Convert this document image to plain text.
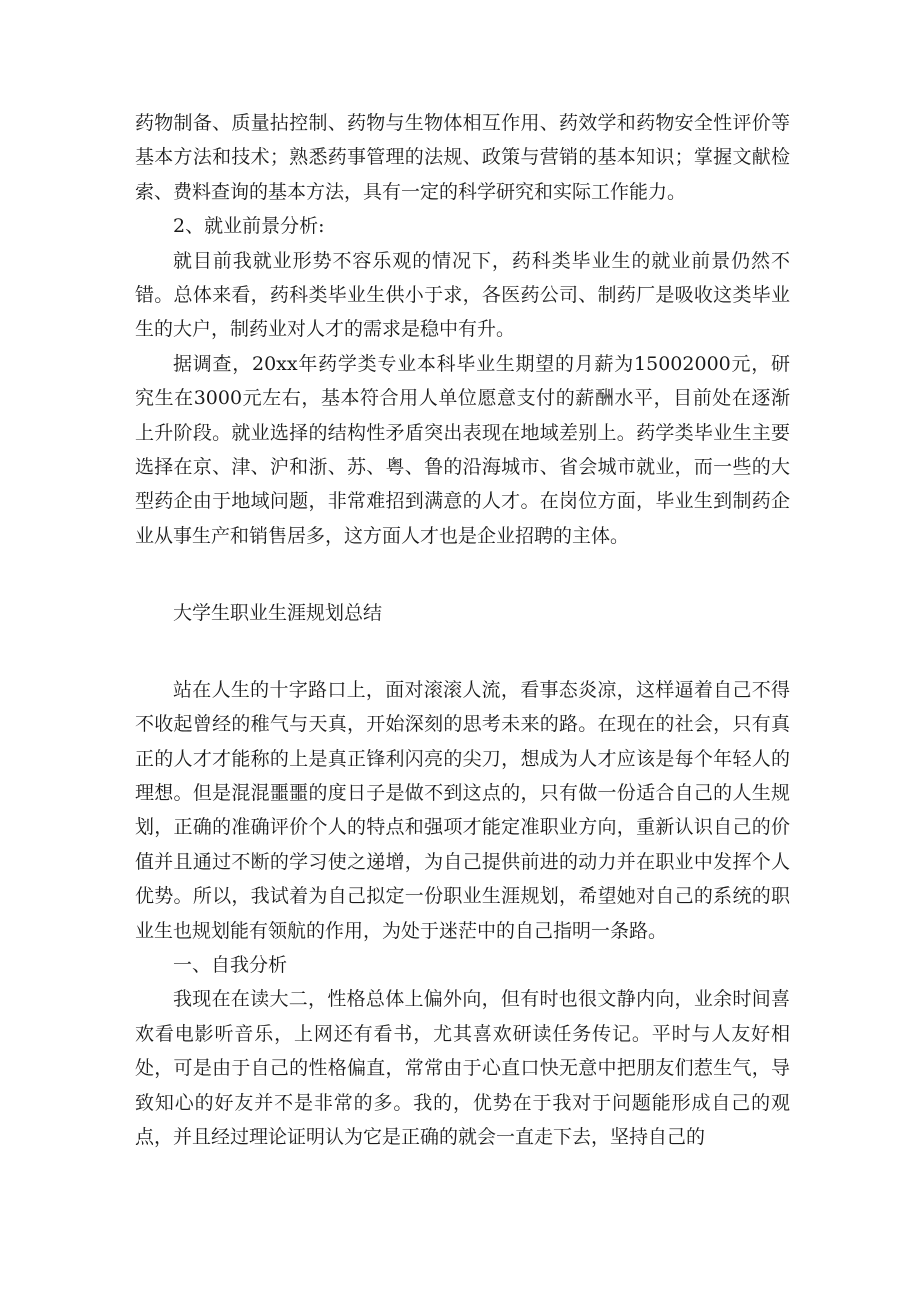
药物制备、质量拈控制、药物与生物体相互作用、药效学和药物安全性评价等基本方法和技术；熟悉药事管理的法规、政策与营销的基本知识；掌握文献检索、费料查询的基本方法，具有一定的科学研究和实际工作能力。

2、就业前景分析:

就目前我就业形势不容乐观的情况下，药科类毕业生的就业前景仍然不错。总体来看，药科类毕业生供小于求，各医药公司、制药厂是吸收这类毕业生的大户，制药业对人才的需求是稳中有升。

据调查，20xx年药学类专业本科毕业生期望的月薪为15002000元，研究生在3000元左右，基本符合用人单位愿意支付的薪酬水平，目前处在逐渐上升阶段。就业选择的结构性矛盾突出表现在地域差别上。药学类毕业生主要选择在京、津、沪和浙、苏、粤、鲁的沿海城市、省会城市就业，而一些的大型药企由于地域问题，非常难招到满意的人才。在岗位方面，毕业生到制药企业从事生产和销售居多，这方面人才也是企业招聘的主体。

大学生职业生涯规划总结

站在人生的十字路口上，面对滚滚人流，看事态炎凉，这样逼着自己不得不收起曾经的稚气与天真，开始深刻的思考未来的路。在现在的社会，只有真正的人才才能称的上是真正锋利闪亮的尖刀，想成为人才应该是每个年轻人的理想。但是混混噩噩的度日子是做不到这点的，只有做一份适合自己的人生规划，正确的准确评价个人的特点和强项才能定准职业方向，重新认识自己的价值并且通过不断的学习使之递增，为自己提供前进的动力并在职业中发挥个人优势。所以，我试着为自己拟定一份职业生涯规划，希望她对自己的系统的职业生也规划能有领航的作用，为处于迷茫中的自己指明一条路。

一、自我分析

我现在在读大二，性格总体上偏外向，但有时也很文静内向，业余时间喜欢看电影听音乐，上网还有看书，尤其喜欢研读任务传记。平时与人友好相处，可是由于自己的性格偏直，常常由于心直口快无意中把朋友们惹生气，导致知心的好友并不是非常的多。我的，优势在于我对于问题能形成自己的观点，并且经过理论证明认为它是正确的就会一直走下去，坚持自己的
